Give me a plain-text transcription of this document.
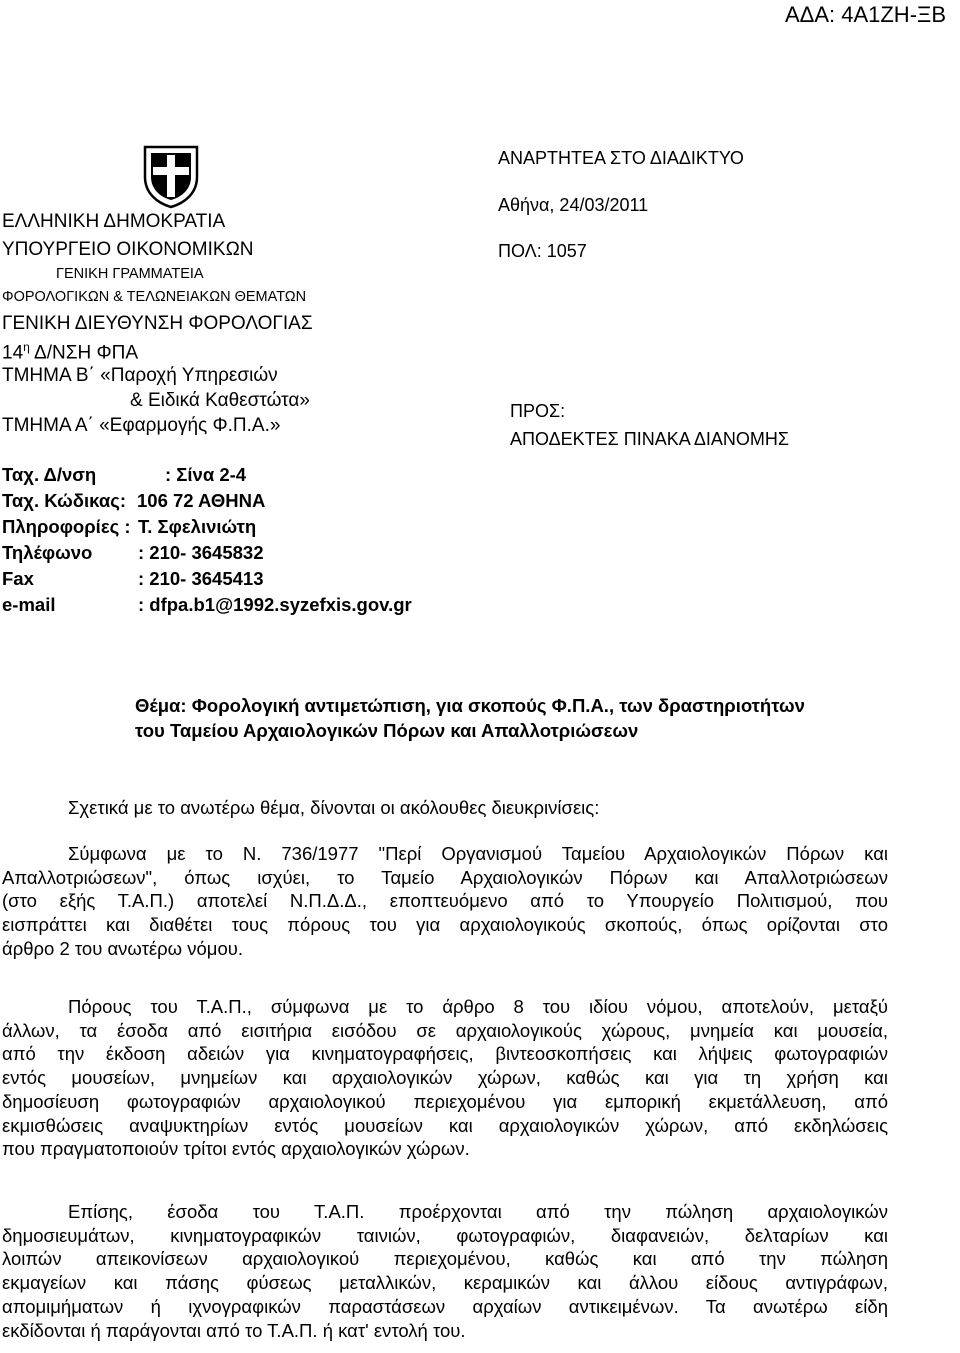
ΑΔΑ: 4Α1ΖΗ-ΞΒ
ΕΛΛΗΝΙΚΗ ΔΗΜΟΚΡΑΤΙΑ
ΥΠΟΥΡΓΕΙΟ ΟΙΚΟΝΟΜΙΚΩΝ
ΓΕΝΙΚΗ ΓΡΑΜΜΑΤΕΙΑ
ΦΟΡΟΛΟΓΙΚΩΝ & ΤΕΛΩΝΕΙΑΚΩΝ ΘΕΜΑΤΩΝ
ΓΕΝΙΚΗ ΔΙΕΥΘΥΝΣΗ ΦΟΡΟΛΟΓΙΑΣ
$14^\eta$ Δ/ΝΣΗ ΦΠΑ
ΤΜΗΜΑ Β΄ «Παροχή Υπηρεσιών
& Ειδικά Καθεστώτα»
ΤΜΗΜΑ Α΄ «Εφαρμογής Φ.Π.Α.»
Ταχ. Δ/νση	: Σίνα 2-4
Ταχ. Κώδικας: 106 72 ΑΘΗΝΑ
Πληροφορίες : Τ. Σφελινιώτη
Τηλέφωνο : 210- 3645832
Fax	: 210- 3645413
e-mail	: dfpa.b1@1992.syzefxis.gov.gr
ΑΝΑΡΤΗΤΕΑ ΣΤΟ ΔΙΑΔΙΚΤΥΟ
Αθήνα, 24/03/2011
ΠΟΛ: 1057
ΠΡΟΣ:
ΑΠΟΔΕΚΤΕΣ ΠΙΝΑΚΑ ΔΙΑΝΟΜΗΣ
Θέμα: Φορολογική αντιμετώπιση, για σκοπούς Φ.Π.Α., των δραστηριοτήτων
του Ταμείου Αρχαιολογικών Πόρων και Απαλλοτριώσεων
Σχετικά με το ανωτέρω θέμα, δίνονται οι ακόλουθες διευκρινίσεις:
Σύμφωνα με το Ν. 736/1977 "Περί Οργανισμού Ταμείου Αρχαιολογικών Πόρων και
Απαλλοτριώσεων", όπως ισχύει, το Ταμείο Αρχαιολογικών Πόρων και Απαλλοτριώσεων
(στο εξής Τ.Α.Π.) αποτελεί Ν.Π.Δ.Δ., εποπτευόμενο από το Υπουργείο Πολιτισμού, που
εισπράττει και διαθέτει τους πόρους του για αρχαιολογικούς σκοπούς, όπως ορίζονται στο
άρθρο 2 του ανωτέρω νόμου.
Πόρους του Τ.Α.Π., σύμφωνα με το άρθρο 8 του ιδίου νόμου, αποτελούν, μεταξύ
άλλων, τα έσοδα από εισιτήρια εισόδου σε αρχαιολογικούς χώρους, μνημεία και μουσεία,
από την έκδοση αδειών για κινηματογραφήσεις, βιντεοσκοπήσεις και λήψεις φωτογραφιών
εντός μουσείων, μνημείων και αρχαιολογικών χώρων, καθώς και για τη χρήση και
δημοσίευση φωτογραφιών αρχαιολογικού περιεχομένου για εμπορική εκμετάλλευση, από
εκμισθώσεις αναψυκτηρίων εντός μουσείων και αρχαιολογικών χώρων, από εκδηλώσεις
που πραγματοποιούν τρίτοι εντός αρχαιολογικών χώρων.
Επίσης, έσοδα του Τ.Α.Π. προέρχονται από την πώληση αρχαιολογικών
δημοσιευμάτων, κινηματογραφικών ταινιών, φωτογραφιών, διαφανειών, δελταρίων και
λοιπών απεικονίσεων αρχαιολογικού περιεχομένου, καθώς και από την πώληση
εκμαγείων και πάσης φύσεως μεταλλικών, κεραμικών και άλλου είδους αντιγράφων,
απομιμήματων ή ιχνογραφικών παραστάσεων αρχαίων αντικειμένων. Τα ανωτέρω είδη
εκδίδονται ή παράγονται από το Τ.Α.Π. ή κατ' εντολή του.
